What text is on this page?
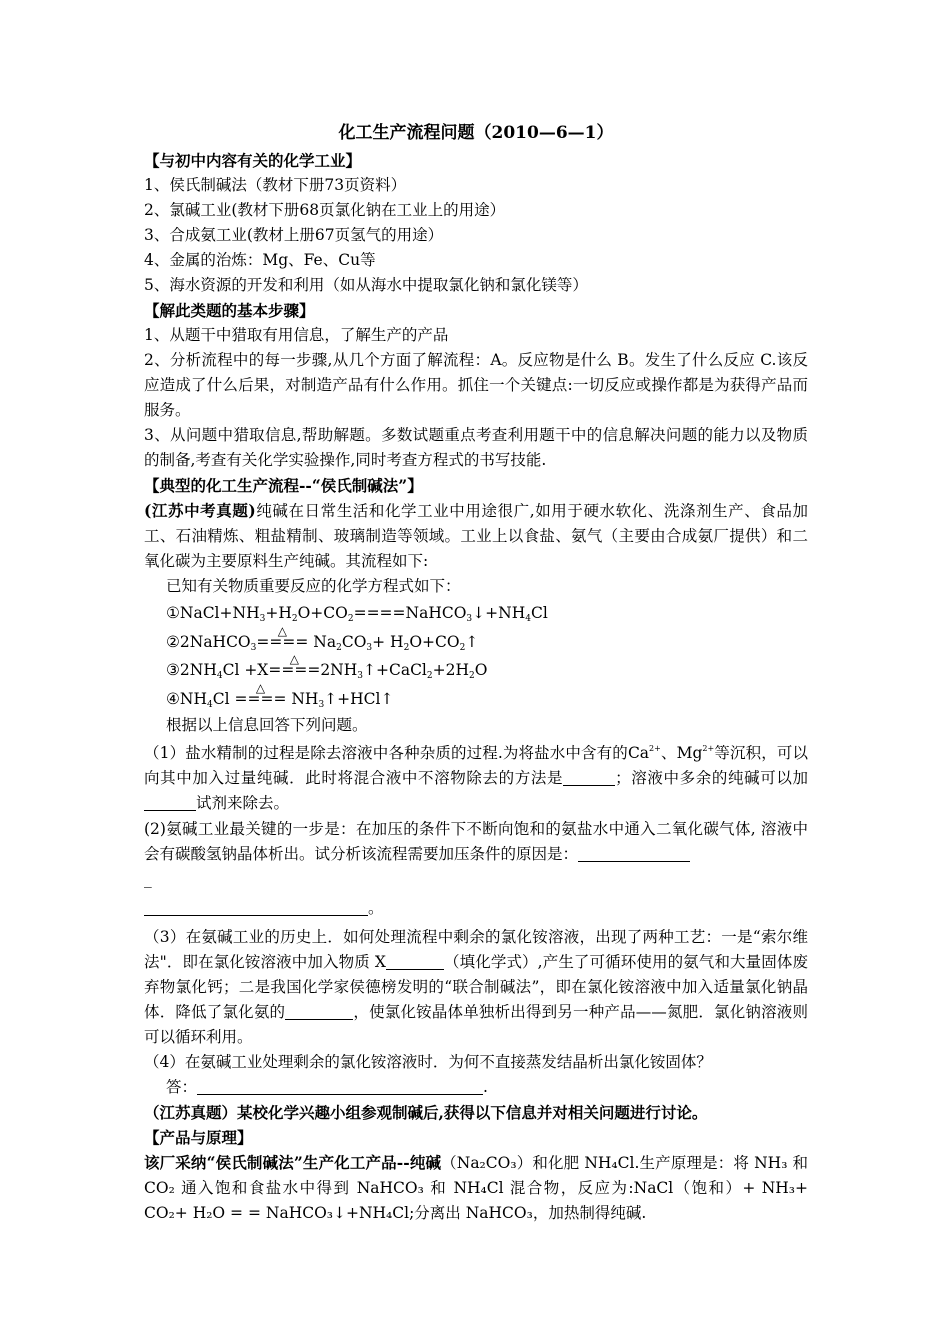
化工生产流程问题（2010—6—1）
【与初中内容有关的化学工业】
1、侯氏制碱法（教材下册73页资料）
2、氯碱工业(教材下册68页氯化钠在工业上的用途）
3、合成氨工业(教材上册67页氢气的用途）
4、金属的治炼：Mg、Fe、Cu等
5、海水资源的开发和利用（如从海水中提取氯化钠和氯化镁等）
【解此类题的基本步骤】
1、从题干中猎取有用信息，了解生产的产品
2、分析流程中的每一步骤,从几个方面了解流程：A。反应物是什么 B。发生了什么反应 C.该反应造成了什么后果，对制造产品有什么作用。抓住一个关键点:一切反应或操作都是为获得产品而服务。
3、从问题中猎取信息,帮助解题。多数试题重点考查利用题干中的信息解决问题的能力以及物质的制备,考查有关化学实验操作,同时考查方程式的书写技能.
【典型的化工生产流程--“侯氏制碱法”】
(江苏中考真题)纯碱在日常生活和化学工业中用途很广,如用于硬水软化、洗涤剂生产、食品加工、石油精炼、粗盐精制、玻璃制造等领域。工业上以食盐、氨气（主要由合成氨厂提供）和二氧化碳为主要原料生产纯碱。其流程如下:
已知有关物质重要反应的化学方程式如下：
$①NaCl+NH_3+H_2O+CO_2====NaHCO_3↓+NH_4Cl$
②2NaHCO$_3$=△ === $Na_2CO_3+$ $H_2O+CO_2↑$
$③2NH_4Cl$ +X=△ $===2NH_3↑+CaCl_2+2H_2O$
$④NH_4Cl$ =△ === $NH_3↑+HCl↑$
根据以上信息回答下列问题。
（1）盐水精制的过程是除去溶液中各种杂质的过程.为将盐水中含有的$Ca^{2+}$、$Mg^{2+}$等沉积，可以向其中加入过量纯碱．此时将混合液中不溶物除去的方法是	；溶液中多余的纯碱可以加试剂来除去。
(2)氨碱工业最关键的一步是：在加压的条件下不断向饱和的氨盐水中通入二氧化碳气体, 溶液中会有碳酸氢钠晶体析出。试分析该流程需要加压条件的原因是：
_
。
（3）在氨碱工业的历史上．如何处理流程中剩余的氯化铵溶液，出现了两种工艺：一是“索尔维法"．即在氯化铵溶液中加入物质 X	（填化学式）,产生了可循环使用的氨气和大量固体废弃物氯化钙；二是我国化学家侯德榜发明的“联合制碱法”，即在氯化铵溶液中加入适量氯化钠晶体．降低了氯化氨的	，使氯化铵晶体单独析出得到另一种产品——氮肥．氯化钠溶液则可以循环利用。
（4）在氨碱工业处理剩余的氯化铵溶液时．为何不直接蒸发结晶析出氯化铵固体？
答：	.
（江苏真题）某校化学兴趣小组参观制碱后,获得以下信息并对相关问题进行讨论。
【产品与原理】
该厂采纳“侯氏制碱法”生产化工产品--纯碱（Na₂CO₃）和化肥 NH₄Cl.生产原理是：将 NH₃ 和 CO₂ 通入饱和食盐水中得到 NaHCO₃ 和 NH₄Cl 混合物，反应为:NaCl（饱和）+ NH₃+ CO₂+ H₂O = = NaHCO₃↓+NH₄Cl;分离出 NaHCO₃，加热制得纯碱.
